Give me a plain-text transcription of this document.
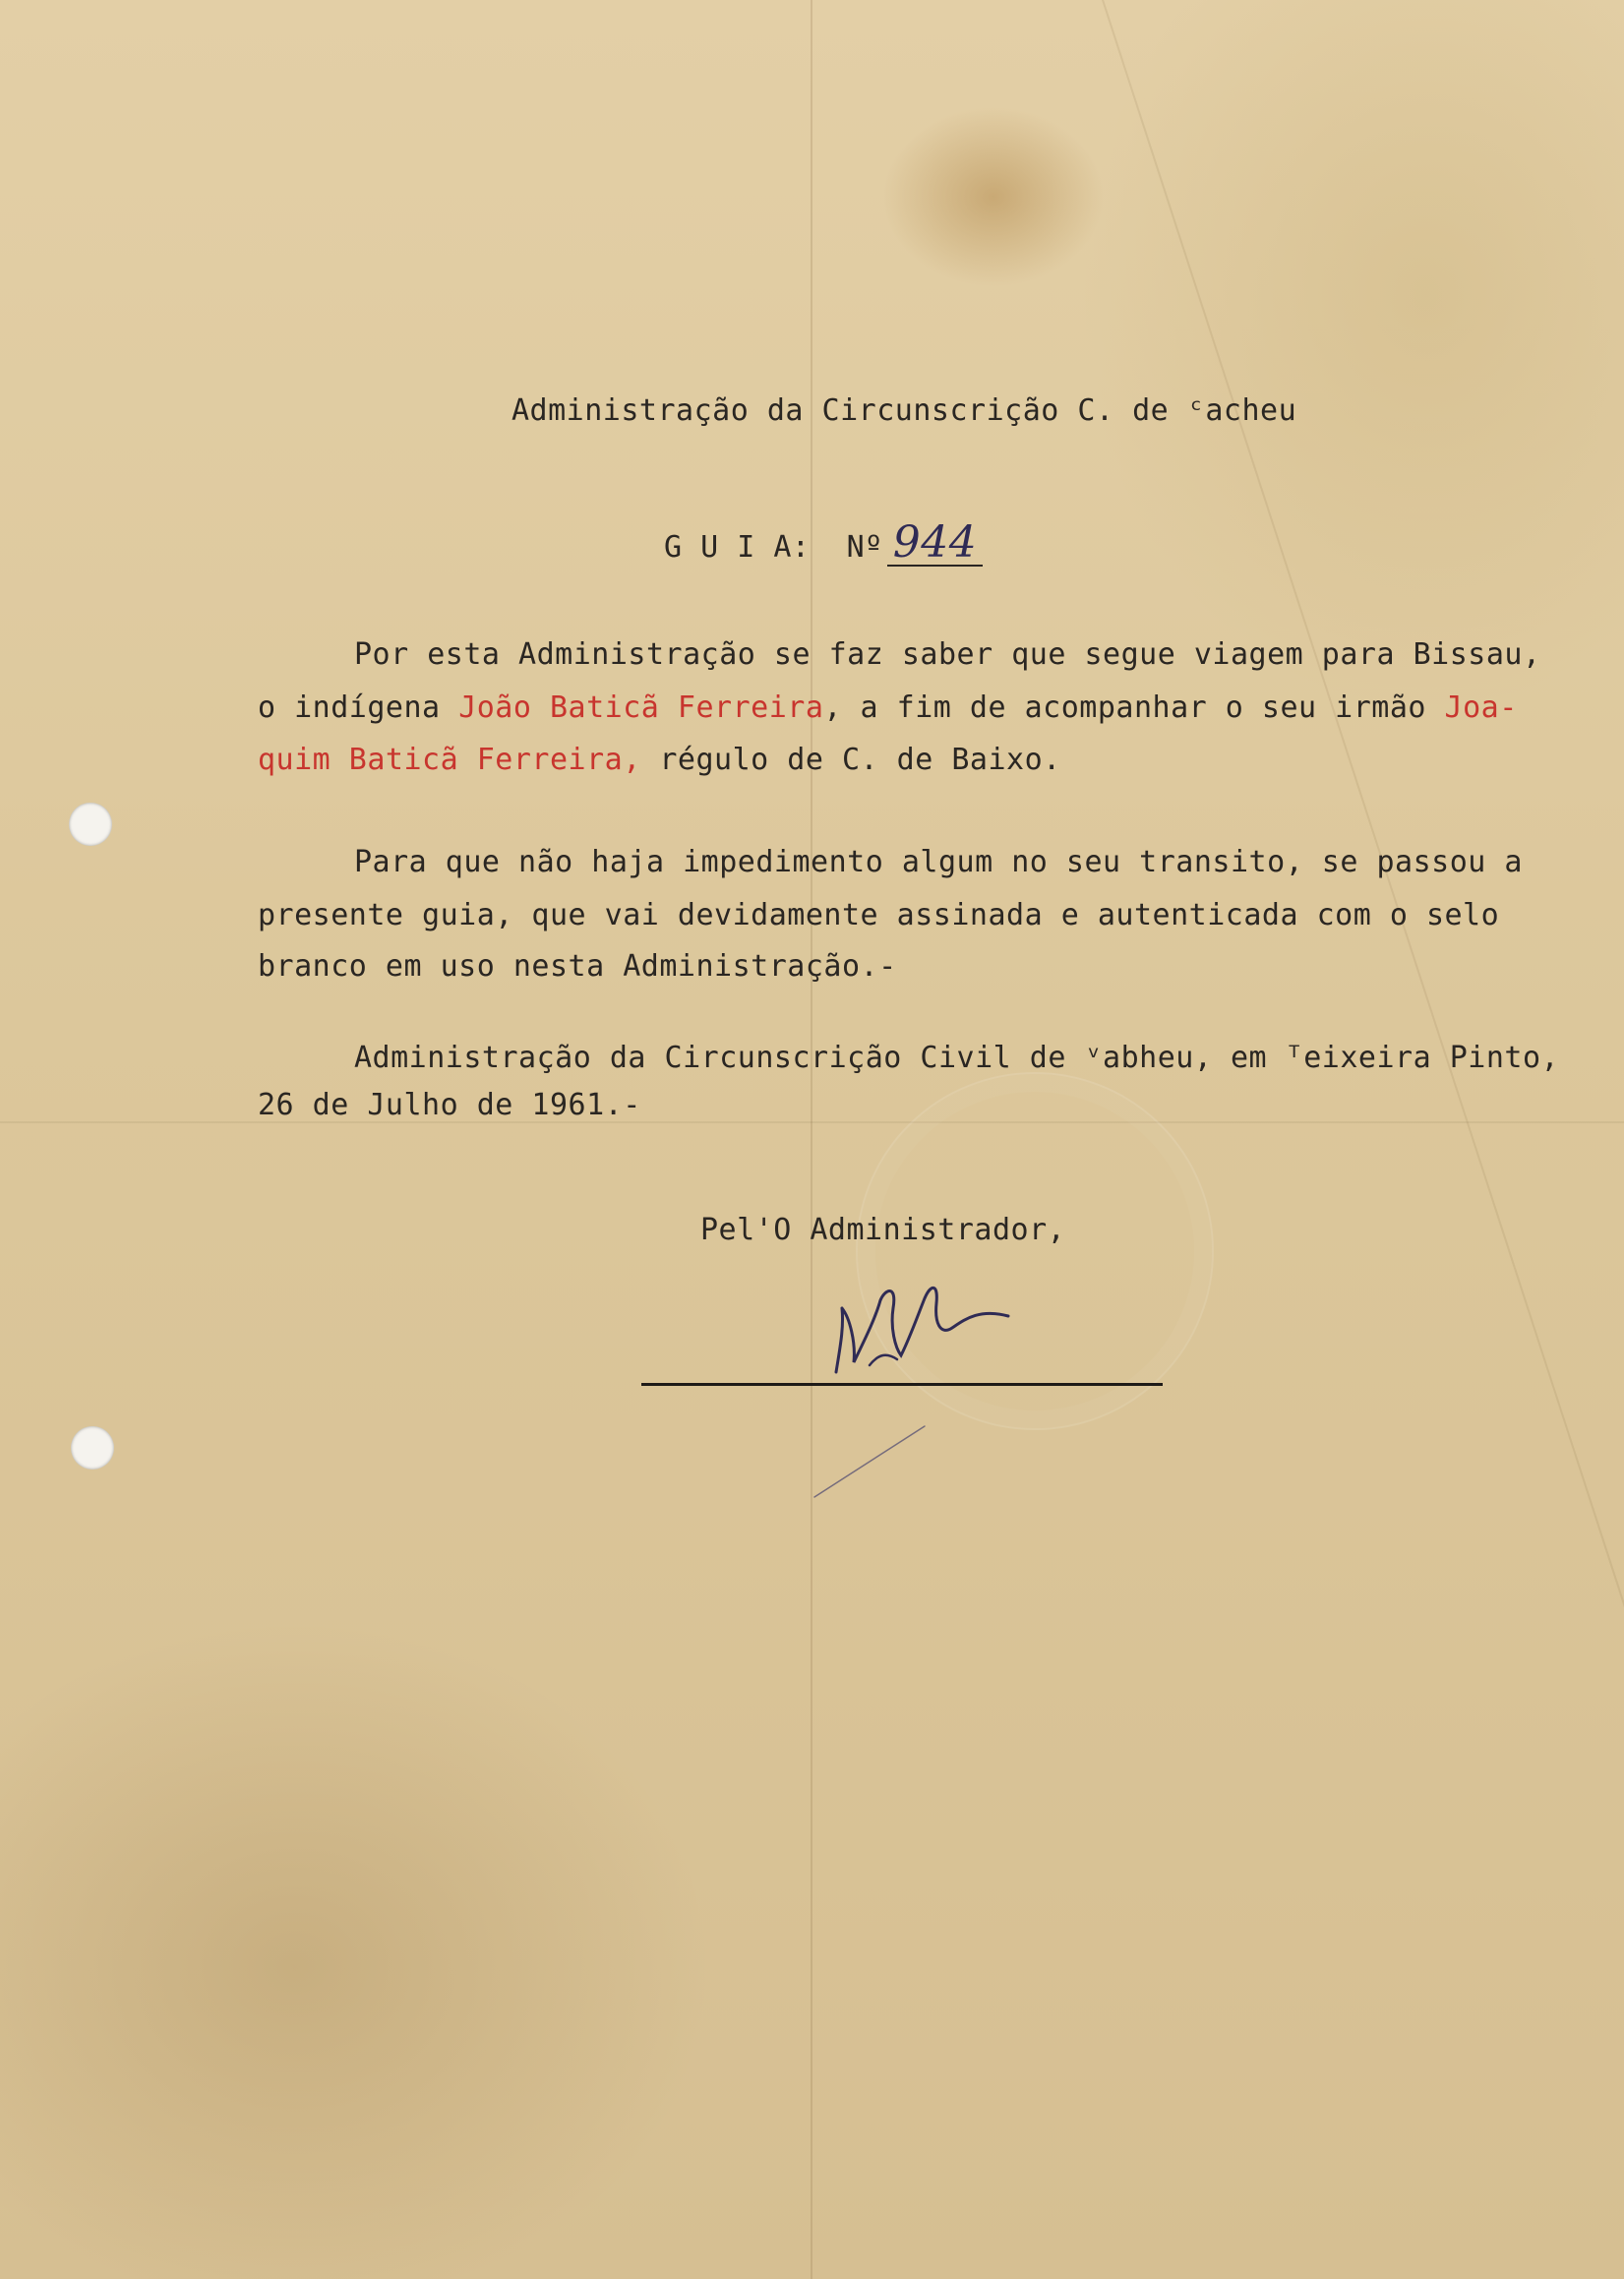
Administração da Circunscrição C. de ᶜacheu
G U I A:  Nº 944
Por esta Administração se faz saber que segue viagem para Bissau,
o indígena João Baticã Ferreira, a fim de acompanhar o seu irmão Joa-
quim Baticã Ferreira, régulo de C. de Baixo.
Para que não haja impedimento algum no seu transito, se passou a
presente guia, que vai devidamente assinada e autenticada com o selo
branco em uso nesta Administração.-
Administração da Circunscrição Civil de ᵛabheu, em ᵀeixeira Pinto,
26 de Julho de 1961.-
Pel'O Administrador,
